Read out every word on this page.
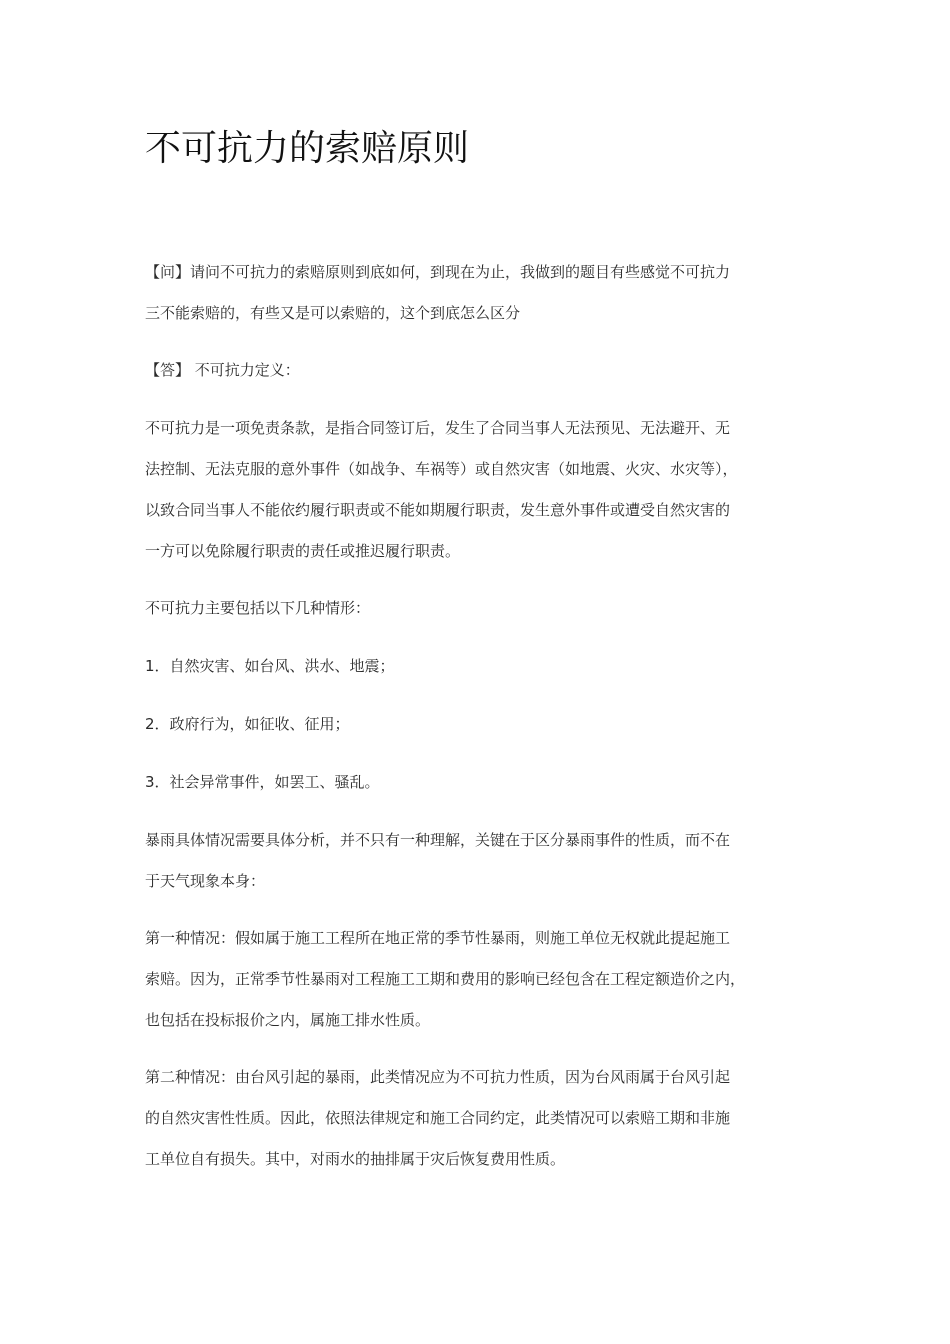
不可抗力的索赔原则

【问】请问不可抗力的索赔原则到底如何，到现在为止，我做到的题目有些感觉不可抗力
三不能索赔的，有些又是可以索赔的，这个到底怎么区分

【答】 不可抗力定义：

不可抗力是一项免责条款，是指合同签订后，发生了合同当事人无法预见、无法避开、无
法控制、无法克服的意外事件（如战争、车祸等）或自然灾害（如地震、火灾、水灾等），
以致合同当事人不能依约履行职责或不能如期履行职责，发生意外事件或遭受自然灾害的
一方可以免除履行职责的责任或推迟履行职责。

不可抗力主要包括以下几种情形：

1．自然灾害、如台风、洪水、地震；

2．政府行为，如征收、征用；

3．社会异常事件，如罢工、骚乱。

暴雨具体情况需要具体分析，并不只有一种理解，关键在于区分暴雨事件的性质，而不在
于天气现象本身：

第一种情况：假如属于施工工程所在地正常的季节性暴雨，则施工单位无权就此提起施工
索赔。因为，正常季节性暴雨对工程施工工期和费用的影响已经包含在工程定额造价之内，
也包括在投标报价之内，属施工排水性质。

第二种情况：由台风引起的暴雨，此类情况应为不可抗力性质，因为台风雨属于台风引起
的自然灾害性性质。因此，依照法律规定和施工合同约定，此类情况可以索赔工期和非施
工单位自有损失。其中，对雨水的抽排属于灾后恢复费用性质。
